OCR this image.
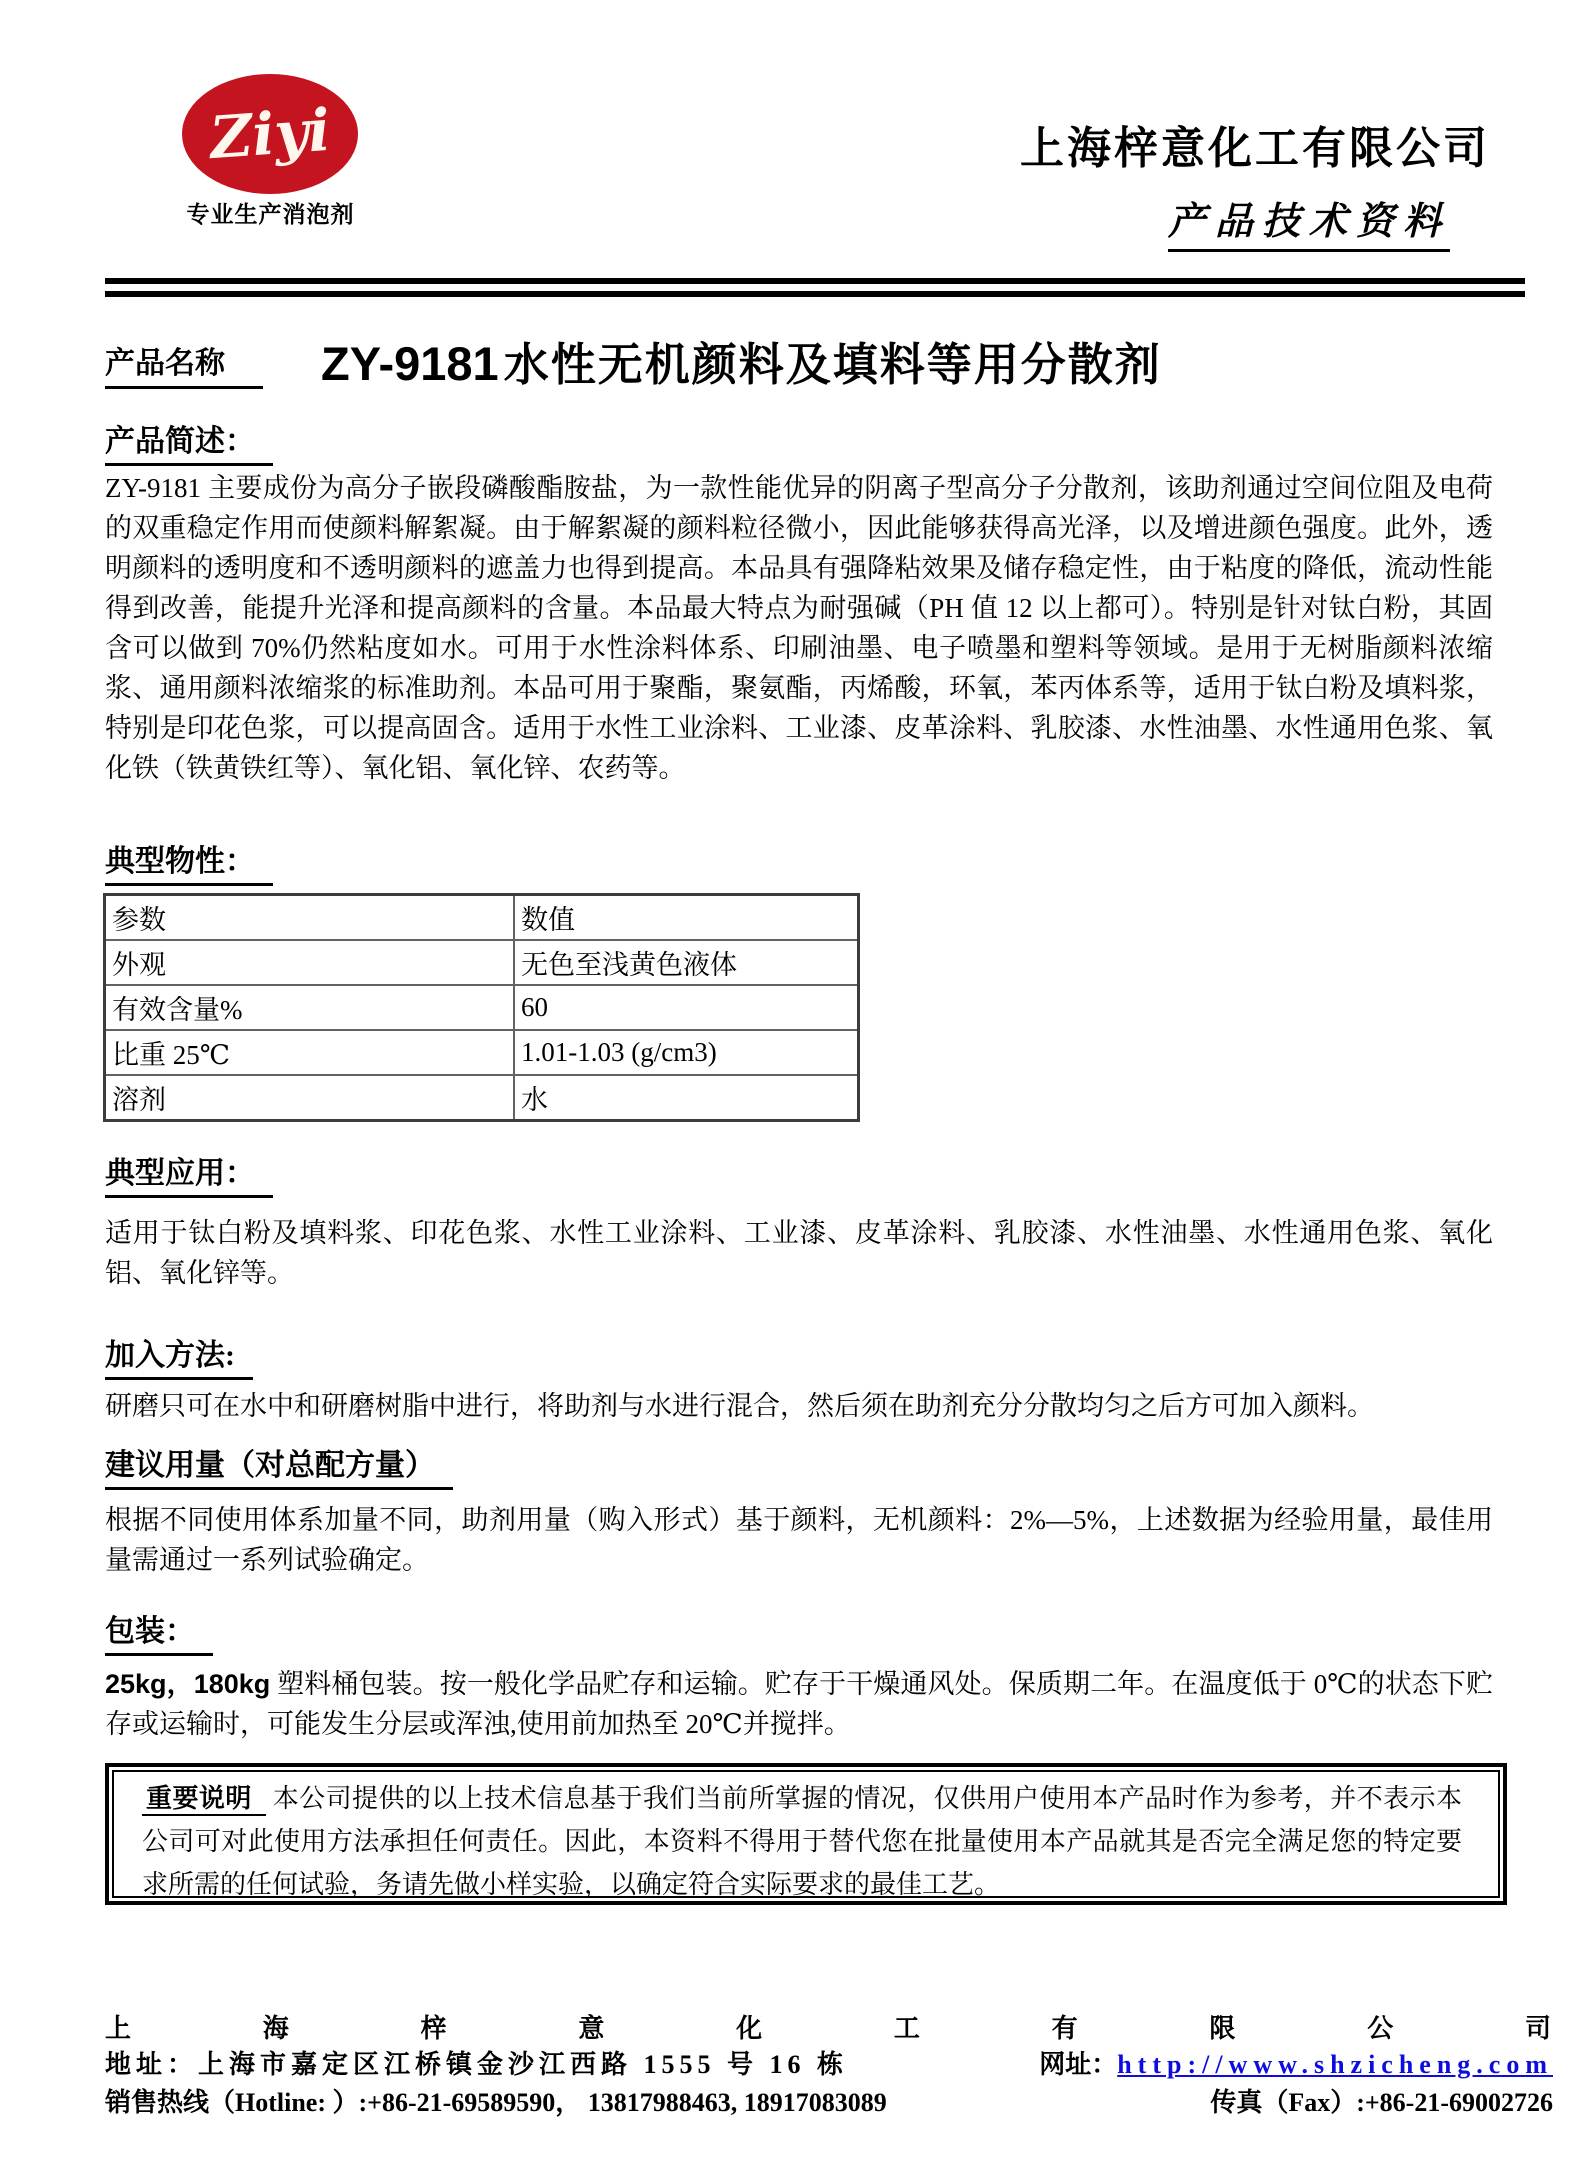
Ziyi
专业生产消泡剂
上海梓意化工有限公司
产品技术资料
产品名称	ZY-9181 水性无机颜料及填料等用分散剂
产品简述：

ZY-9181 主要成份为高分子嵌段磷酸酯胺盐，为一款性能优异的阴离子型高分子分散剂，该助剂通过空间位阻及电荷的双重稳定作用而使颜料解絮凝。由于解絮凝的颜料粒径微小，因此能够获得高光泽，以及增进颜色强度。此外，透明颜料的透明度和不透明颜料的遮盖力也得到提高。本品具有强降粘效果及储存稳定性，由于粘度的降低，流动性能得到改善，能提升光泽和提高颜料的含量。本品最大特点为耐强碱（PH 值 12 以上都可）。特别是针对钛白粉，其固含可以做到 70%仍然粘度如水。可用于水性涂料体系、印刷油墨、电子喷墨和塑料等领域。是用于无树脂颜料浓缩浆、通用颜料浓缩浆的标准助剂。本品可用于聚酯，聚氨酯，丙烯酸，环氧，苯丙体系等，适用于钛白粉及填料浆，特别是印花色浆，可以提高固含。适用于水性工业涂料、工业漆、皮革涂料、乳胶漆、水性油墨、水性通用色浆、氧化铁（铁黄铁红等）、氧化铝、氧化锌、农药等。

典型物性：
参数	数值
外观	无色至浅黄色液体
有效含量%	60
比重 25℃	1.01-1.03 (g/cm3)
溶剂	水
典型应用：

适用于钛白粉及填料浆、印花色浆、水性工业涂料、工业漆、皮革涂料、乳胶漆、水性油墨、水性通用色浆、氧化铝、氧化锌等。

加入方法:

研磨只可在水中和研磨树脂中进行，将助剂与水进行混合，然后须在助剂充分分散均匀之后方可加入颜料。

建议用量（对总配方量）

根据不同使用体系加量不同，助剂用量（购入形式）基于颜料，无机颜料：2%—5%，上述数据为经验用量，最佳用量需通过一系列试验确定。

包装：

25kg，180kg 塑料桶包装。按一般化学品贮存和运输。贮存于干燥通风处。保质期二年。在温度低于 0℃的状态下贮存或运输时，可能发生分层或浑浊,使用前加热至 20℃并搅拌。

重要说明 本公司提供的以上技术信息基于我们当前所掌握的情况，仅供用户使用本产品时作为参考，并不表示本公司可对此使用方法承担任何责任。因此，本资料不得用于替代您在批量使用本产品就其是否完全满足您的特定要求所需的任何试验，务请先做小样实验，以确定符合实际要求的最佳工艺。
上海梓意化工有限公司
地址：上海市嘉定区江桥镇金沙江西路 1555 号 16 栋	网址：http://www.shzicheng.com
销售热线（Hotline: ）:+86-21-69589590， 13817988463, 18917083089	传真（Fax）:+86-21-69002726
